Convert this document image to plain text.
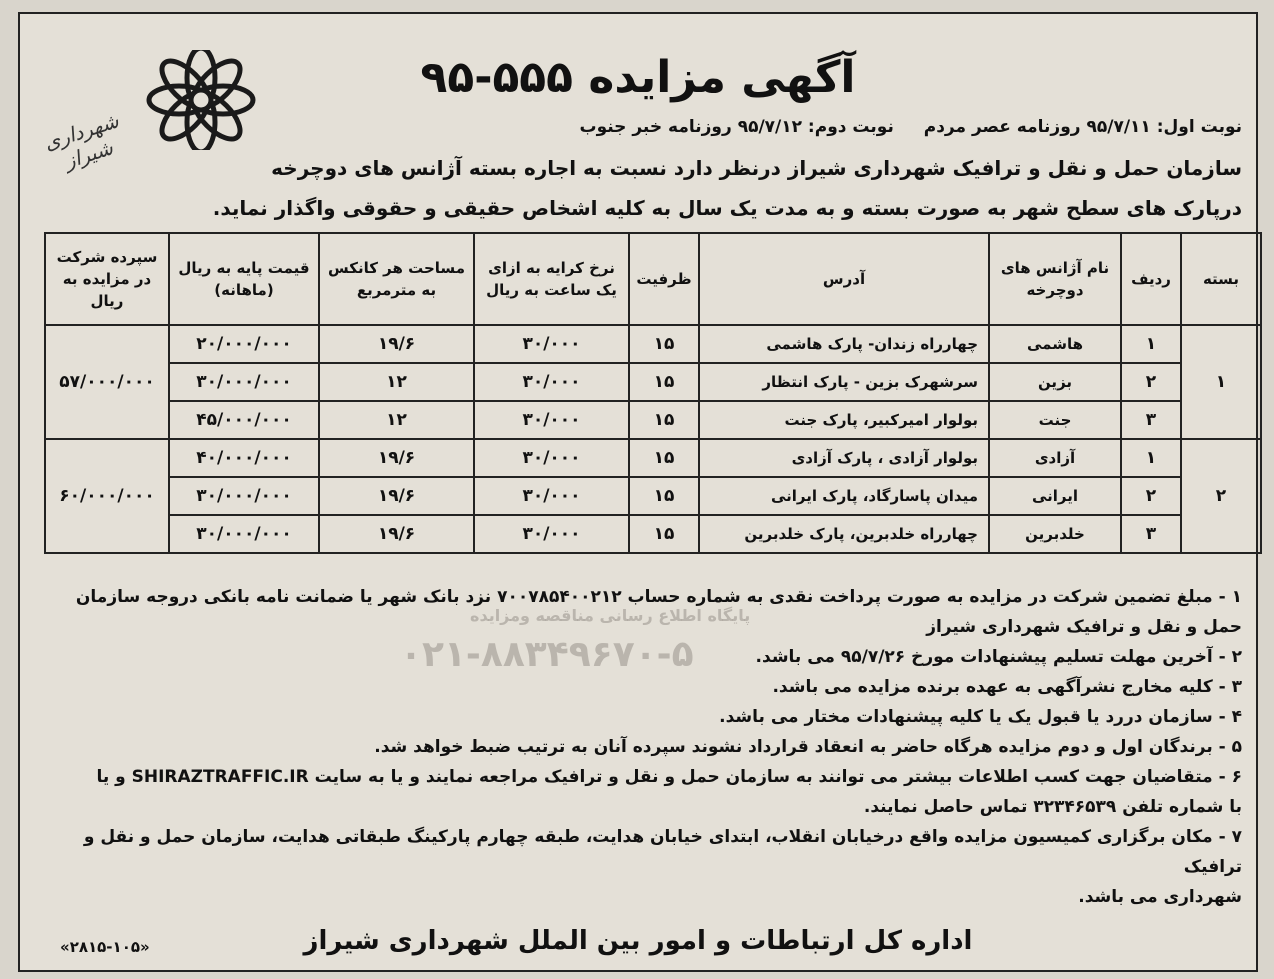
شهرداری شیراز
آگهی مزایده ۵۵۵-۹۵
نوبت اول: ۹۵/۷/۱۱ روزنامه عصر مردم نوبت دوم: ۹۵/۷/۱۲ روزنامه خبر جنوب
سازمان حمل و نقل و ترافیک شهرداری شیراز درنظر دارد نسبت به اجاره بسته آژانس های دوچرخه
درپارک های سطح شهر به صورت بسته و به مدت یک سال به کلیه اشخاص حقیقی و حقوقی واگذار نماید.
پایگاه اطلاع رسانی مناقصه ومزایده
۰۲۱-۸۸۳۴۹۶۷۰-۵
بسته	ردیف	نام آژانس های دوچرخه	آدرس	ظرفیت	نرخ کرایه به ازای یک ساعت به ریال	مساحت هر کانکس به مترمربع	قیمت پایه به ریال (ماهانه)	سپرده شرکت در مزایده به ریال
۱	۱	هاشمی	چهارراه زندان- پارک هاشمی	۱۵	۳۰/۰۰۰	۱۹/۶	۲۰/۰۰۰/۰۰۰	۵۷/۰۰۰/۰۰۰
	۲	بزین	سرشهرک بزین - پارک انتظار	۱۵	۳۰/۰۰۰	۱۲	۳۰/۰۰۰/۰۰۰	
	۳	جنت	بولوار امیرکبیر، پارک جنت	۱۵	۳۰/۰۰۰	۱۲	۴۵/۰۰۰/۰۰۰	
۲	۱	آزادی	بولوار آزادی ، پارک آزادی	۱۵	۳۰/۰۰۰	۱۹/۶	۴۰/۰۰۰/۰۰۰	۶۰/۰۰۰/۰۰۰
	۲	ایرانی	میدان پاسارگاد، پارک ایرانی	۱۵	۳۰/۰۰۰	۱۹/۶	۳۰/۰۰۰/۰۰۰	
	۳	خلدبرین	چهارراه خلدبرین، پارک خلدبرین	۱۵	۳۰/۰۰۰	۱۹/۶	۳۰/۰۰۰/۰۰۰	
۱ - مبلغ تضمین شرکت در مزایده به صورت پرداخت نقدی به شماره حساب ۷۰۰۷۸۵۴۰۰۲۱۲ نزد بانک شهر یا ضمانت نامه بانکی دروجه سازمان
حمل و نقل و ترافیک شهرداری شیراز
۲ - آخرین مهلت تسلیم پیشنهادات مورخ ۹۵/۷/۲۶ می باشد.
۳ - کلیه مخارج نشرآگهی به عهده برنده مزایده می باشد.
۴ - سازمان دررد یا قبول یک یا کلیه پیشنهادات مختار می باشد.
۵ - برندگان اول و دوم مزایده هرگاه حاضر به انعقاد قرارداد نشوند سپرده آنان به ترتیب ضبط خواهد شد.
۶ - متقاضیان جهت کسب اطلاعات بیشتر می توانند به سازمان حمل و نقل و ترافیک مراجعه نمایند و یا به سایت SHIRAZTRAFFIC.IR و یا
با شماره تلفن ۳۲۳۴۶۵۳۹ تماس حاصل نمایند.
۷ - مکان برگزاری کمیسیون مزایده واقع درخیابان انقلاب، ابتدای خیابان هدایت، طبقه چهارم پارکینگ طبقاتی هدایت، سازمان حمل و نقل و ترافیک
شهرداری می باشد.
اداره کل ارتباطات و امور بین الملل شهرداری شیراز
«۲۸۱۵-۱۰۵»
